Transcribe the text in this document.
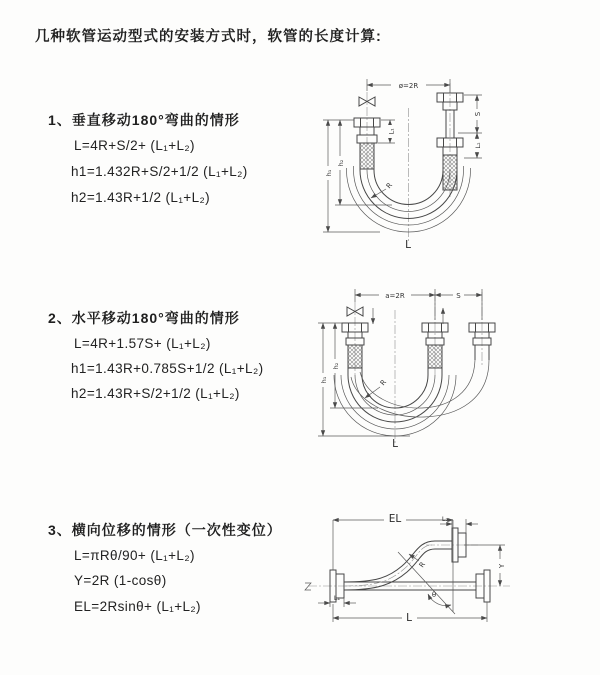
几种软管运动型式的安装方式时，软管的长度计算:
1、垂直移动180°弯曲的情形
L=4R+S/2+ (L₁+L₂)
h1=1.432R+S/2+1/2 (L₁+L₂)
h2=1.43R+1/2 (L₁+L₂)
2、水平移动180°弯曲的情形
L=4R+1.57S+ (L₁+L₂)
h1=1.43R+0.785S+1/2 (L₁+L₂)
h2=1.43R+S/2+1/2 (L₁+L₂)
3、横向位移的情形（一次性变位）
L=πRθ/90+ (L₁+L₂)
Y=2R (1-cosθ)
EL=2Rsinθ+ (L₁+L₂)
ø=2R
R
S
L₂
L₁
h₁
h₂
L
a=2R	S
R
h₁
h₂
L
θ
R
EL	L₂
Y
L
L₁
